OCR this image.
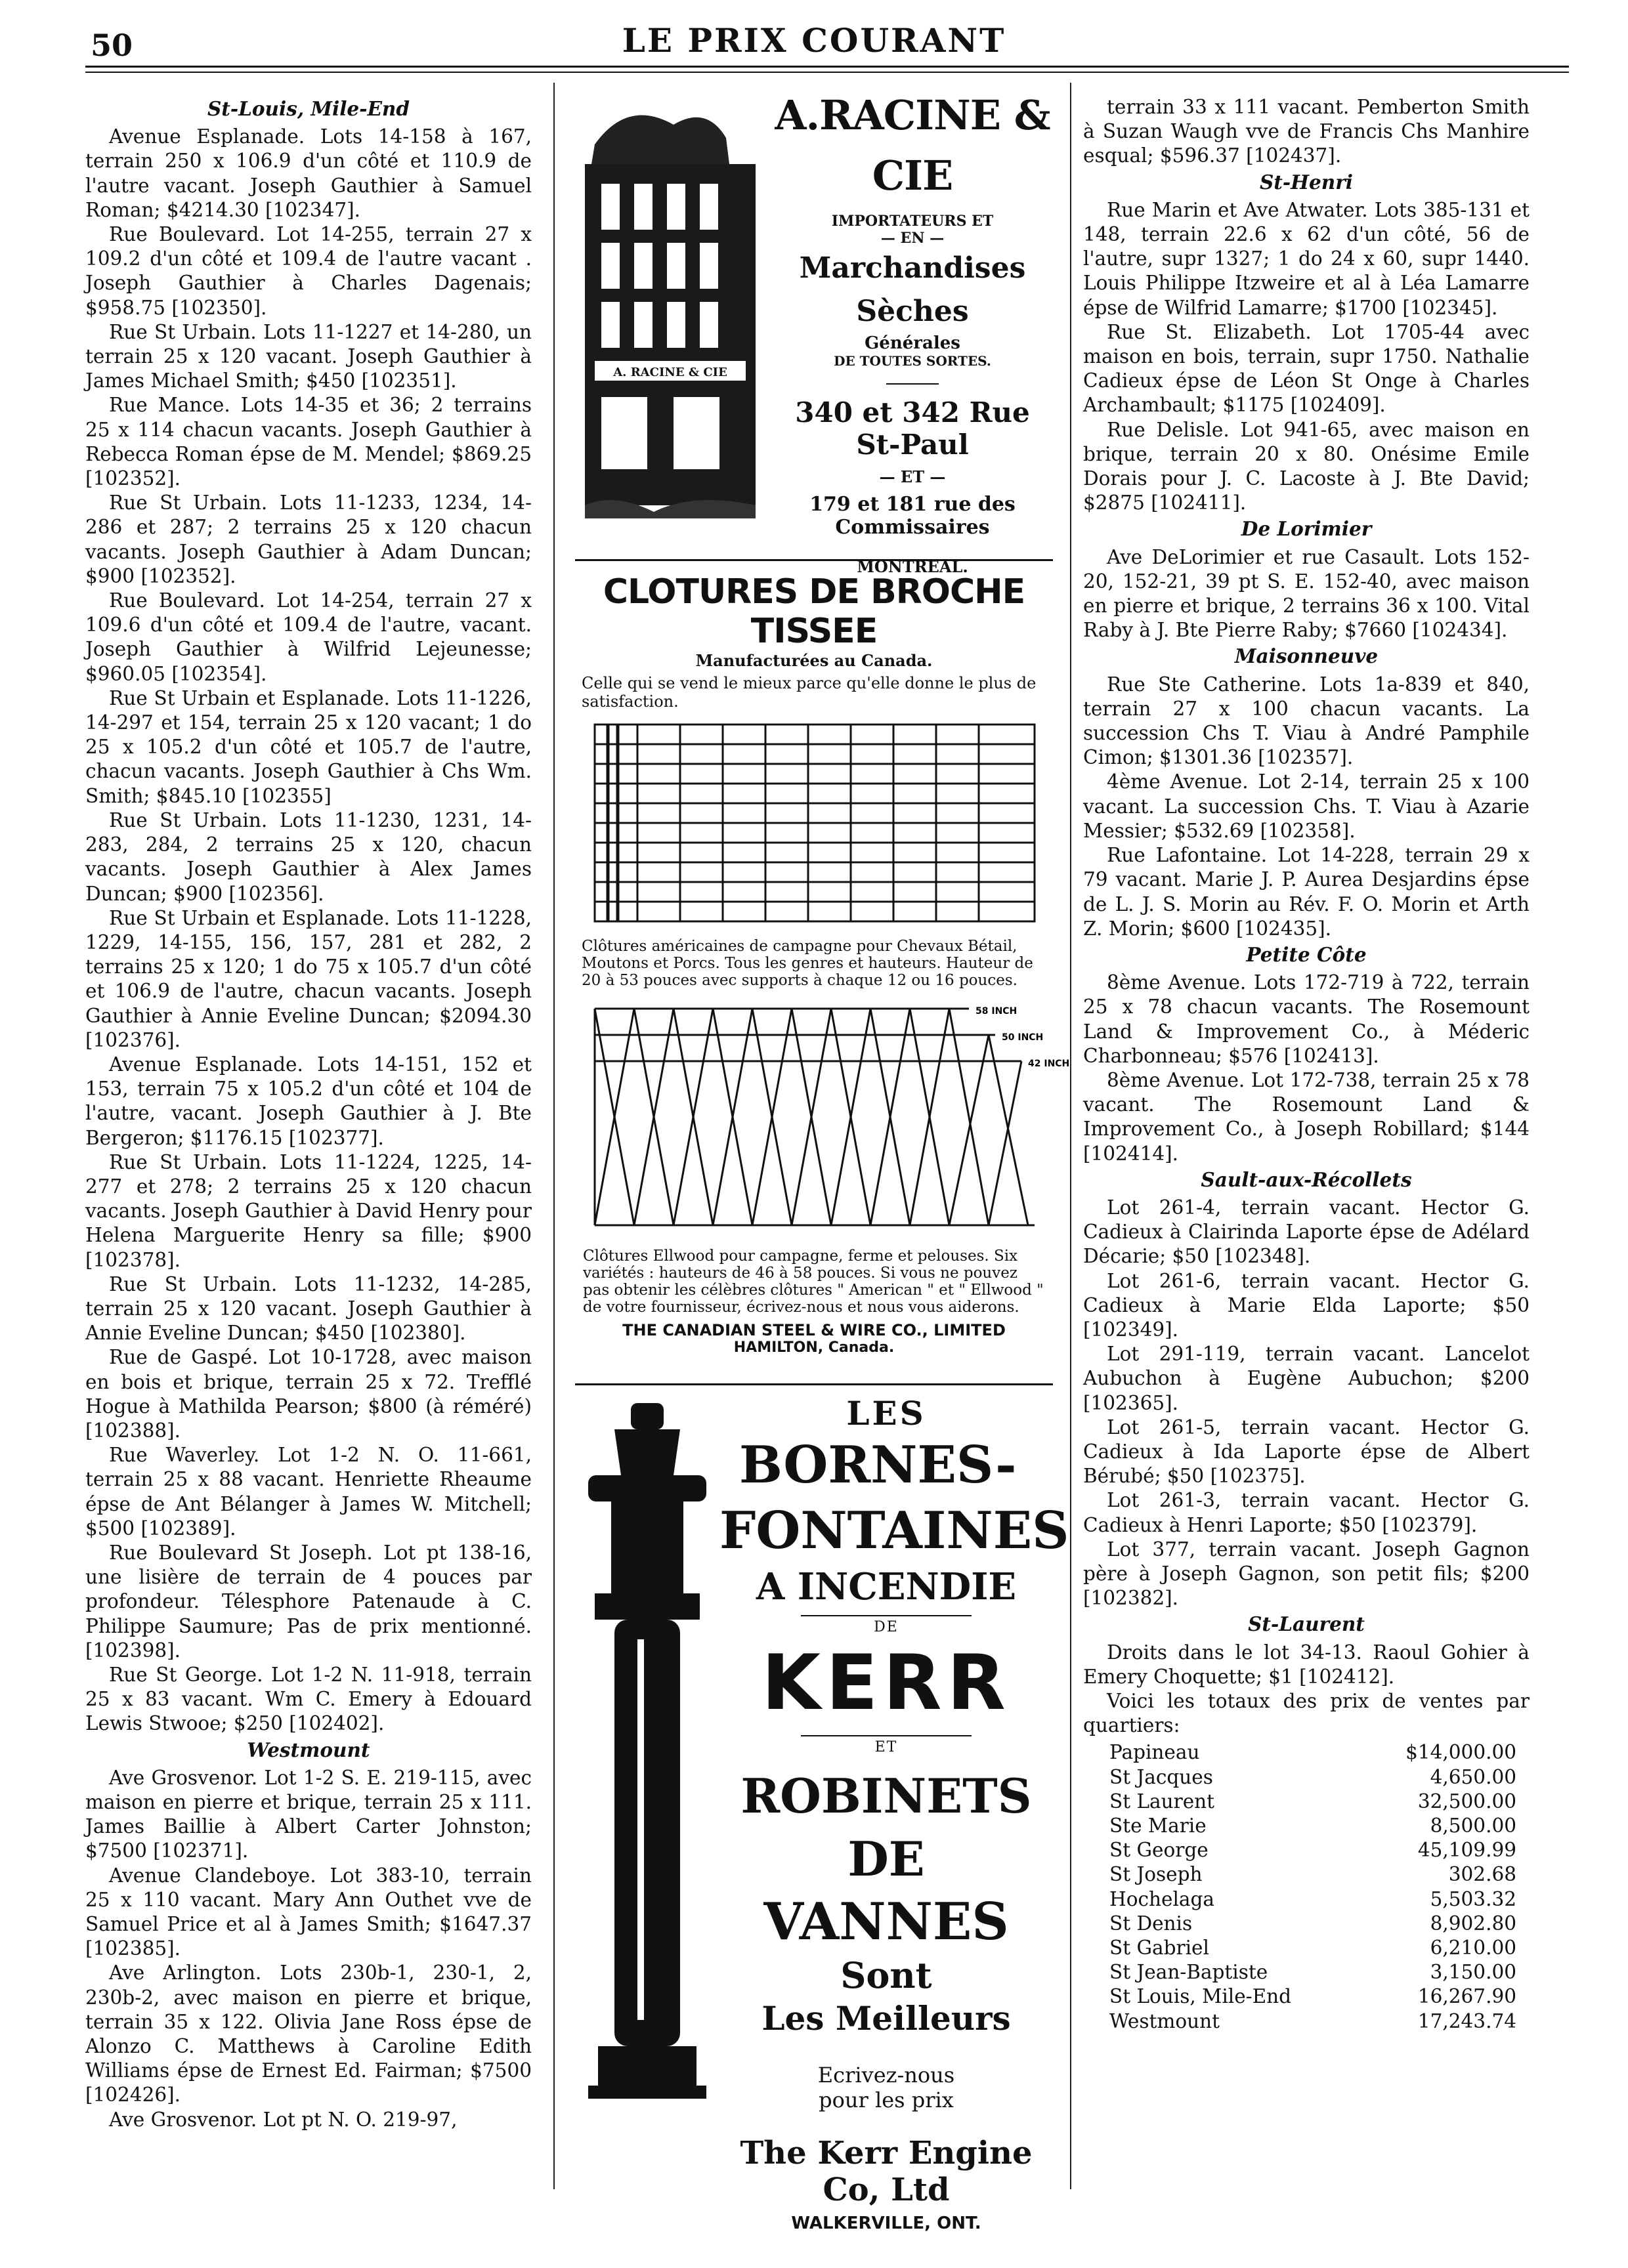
50	LE PRIX COURANT

St-Louis, Mile-End

Avenue Esplanade. Lots 14-158 à 167, terrain 250 x 106.9 d'un côté et 110.9 de l'autre vacant. Joseph Gauthier à Samuel Roman; $4214.30 [102347].

Rue Boulevard. Lot 14-255, terrain 27 x 109.2 d'un côté et 109.4 de l'autre vacant . Joseph Gauthier à Charles Dagenais; $958.75 [102350].

Rue St Urbain. Lots 11-1227 et 14-280, un terrain 25 x 120 vacant. Joseph Gauthier à James Michael Smith; $450 [102351].

Rue Mance. Lots 14-35 et 36; 2 terrains 25 x 114 chacun vacants. Joseph Gauthier à Rebecca Roman épse de M. Mendel; $869.25 [102352].

Rue St Urbain. Lots 11-1233, 1234, 14-286 et 287; 2 terrains 25 x 120 chacun vacants. Joseph Gauthier à Adam Duncan; $900 [102352].

Rue Boulevard. Lot 14-254, terrain 27 x 109.6 d'un côté et 109.4 de l'autre, vacant. Joseph Gauthier à Wilfrid Lejeunesse; $960.05 [102354].

Rue St Urbain et Esplanade. Lots 11-1226, 14-297 et 154, terrain 25 x 120 vacant; 1 do 25 x 105.2 d'un côté et 105.7 de l'autre, chacun vacants. Joseph Gauthier à Chs Wm. Smith; $845.10 [102355]

Rue St Urbain. Lots 11-1230, 1231, 14-283, 284, 2 terrains 25 x 120, chacun vacants. Joseph Gauthier à Alex James Duncan; $900 [102356].

Rue St Urbain et Esplanade. Lots 11-1228, 1229, 14-155, 156, 157, 281 et 282, 2 terrains 25 x 120; 1 do 75 x 105.7 d'un côté et 106.9 de l'autre, chacun vacants. Joseph Gauthier à Annie Eveline Duncan; $2094.30 [102376].

Avenue Esplanade. Lots 14-151, 152 et 153, terrain 75 x 105.2 d'un côté et 104 de l'autre, vacant. Joseph Gauthier à J. Bte Bergeron; $1176.15 [102377].

Rue St Urbain. Lots 11-1224, 1225, 14-277 et 278; 2 terrains 25 x 120 chacun vacants. Joseph Gauthier à David Henry pour Helena Marguerite Henry sa fille; $900 [102378].

Rue St Urbain. Lots 11-1232, 14-285, terrain 25 x 120 vacant. Joseph Gauthier à Annie Eveline Duncan; $450 [102380].

Rue de Gaspé. Lot 10-1728, avec maison en bois et brique, terrain 25 x 72. Trefflé Hogue à Mathilda Pearson; $800 (à réméré) [102388].

Rue Waverley. Lot 1-2 N. O. 11-661, terrain 25 x 88 vacant. Henriette Rheaume épse de Ant Bélanger à James W. Mitchell; $500 [102389].

Rue Boulevard St Joseph. Lot pt 138-16, une lisière de terrain de 4 pouces par profondeur. Télesphore Patenaude à C. Philippe Saumure; Pas de prix mentionné. [102398].

Rue St George. Lot 1-2 N. 11-918, terrain 25 x 83 vacant. Wm C. Emery à Edouard Lewis Stwooe; $250 [102402].

Westmount

Ave Grosvenor. Lot 1-2 S. E. 219-115, avec maison en pierre et brique, terrain 25 x 111. James Baillie à Albert Carter Johnston; $7500 [102371].

Avenue Clandeboye. Lot 383-10, terrain 25 x 110 vacant. Mary Ann Outhet vve de Samuel Price et al à James Smith; $1647.37 [102385].

Ave Arlington. Lots 230b-1, 230-1, 2, 230b-2, avec maison en pierre et brique, terrain 35 x 122. Olivia Jane Ross épse de Alonzo C. Matthews à Caroline Edith Williams épse de Ernest Ed. Fairman; $7500 [102426].

Ave Grosvenor. Lot pt N. O. 219-97,

A. RACINE & CIE
A.RACINE & CIE
IMPORTATEURS ET
— EN —
Marchandises Sèches
Générales
DE TOUTES SORTES.
340 et 342 Rue St-Paul
— ET —
179 et 181 rue des Commissaires
MONTREAL.
CLOTURES DE BROCHE TISSEE
Manufacturées au Canada.
Celle qui se vend le mieux parce qu'elle donne le plus de satisfaction.
Clôtures américaines de campagne pour Chevaux Bétail, Moutons et Porcs. Tous les genres et hauteurs. Hauteur de 20 à 53 pouces avec supports à chaque 12 ou 16 pouces.
58 INCH
50 INCH
42 INCH
Clôtures Ellwood pour campagne, ferme et pelouses. Six variétés : hauteurs de 46 à 58 pouces. Si vous ne pouvez pas obtenir les célèbres clôtures " American " et " Ellwood " de votre fournisseur, écrivez-nous et nous vous aiderons.
THE CANADIAN STEEL & WIRE CO., LIMITED
HAMILTON, Canada.
LES
BORNES-
FONTAINES
A INCENDIE
DE
KERR
ET
ROBINETS DE
VANNES
Sont
Les Meilleurs
Ecrivez-nous
pour les prix
The Kerr Engine Co, Ltd
WALKERVILLE, ONT.

terrain 33 x 111 vacant. Pemberton Smith à Suzan Waugh vve de Francis Chs Manhire esqual; $596.37 [102437].

St-Henri

Rue Marin et Ave Atwater. Lots 385-131 et 148, terrain 22.6 x 62 d'un côté, 56 de l'autre, supr 1327; 1 do 24 x 60, supr 1440. Louis Philippe Itzweire et al à Léa Lamarre épse de Wilfrid Lamarre; $1700 [102345].

Rue St. Elizabeth. Lot 1705-44 avec maison en bois, terrain, supr 1750. Nathalie Cadieux épse de Léon St Onge à Charles Archambault; $1175 [102409].

Rue Delisle. Lot 941-65, avec maison en brique, terrain 20 x 80. Onésime Emile Dorais pour J. C. Lacoste à J. Bte David; $2875 [102411].

De Lorimier

Ave DeLorimier et rue Casault. Lots 152-20, 152-21, 39 pt S. E. 152-40, avec maison en pierre et brique, 2 terrains 36 x 100. Vital Raby à J. Bte Pierre Raby; $7660 [102434].

Maisonneuve

Rue Ste Catherine. Lots 1a-839 et 840, terrain 27 x 100 chacun vacants. La succession Chs T. Viau à André Pamphile Cimon; $1301.36 [102357].

4ème Avenue. Lot 2-14, terrain 25 x 100 vacant. La succession Chs. T. Viau à Azarie Messier; $532.69 [102358].

Rue Lafontaine. Lot 14-228, terrain 29 x 79 vacant. Marie J. P. Aurea Desjardins épse de L. J. S. Morin au Rév. F. O. Morin et Arth Z. Morin; $600 [102435].

Petite Côte

8ème Avenue. Lots 172-719 à 722, terrain 25 x 78 chacun vacants. The Rosemount Land & Improvement Co., à Méderic Charbonneau; $576 [102413].

8ème Avenue. Lot 172-738, terrain 25 x 78 vacant. The Rosemount Land & Improvement Co., à Joseph Robillard; $144 [102414].

Sault-aux-Récollets

Lot 261-4, terrain vacant. Hector G. Cadieux à Clairinda Laporte épse de Adélard Décarie; $50 [102348].

Lot 261-6, terrain vacant. Hector G. Cadieux à Marie Elda Laporte; $50 [102349].

Lot 291-119, terrain vacant. Lancelot Aubuchon à Eugène Aubuchon; $200 [102365].

Lot 261-5, terrain vacant. Hector G. Cadieux à Ida Laporte épse de Albert Bérubé; $50 [102375].

Lot 261-3, terrain vacant. Hector G. Cadieux à Henri Laporte; $50 [102379].

Lot 377, terrain vacant. Joseph Gagnon père à Joseph Gagnon, son petit fils; $200 [102382].

St-Laurent

Droits dans le lot 34-13. Raoul Gohier à Emery Choquette; $1 [102412].

Voici les totaux des prix de ventes par quartiers:

Papineau	$14,000.00
St Jacques	4,650.00
St Laurent	32,500.00
Ste Marie	8,500.00
St George	45,109.99
St Joseph	302.68
Hochelaga	5,503.32
St Denis	8,902.80
St Gabriel	6,210.00
St Jean-Baptiste	3,150.00
St Louis, Mile-End	16,267.90
Westmount	17,243.74
